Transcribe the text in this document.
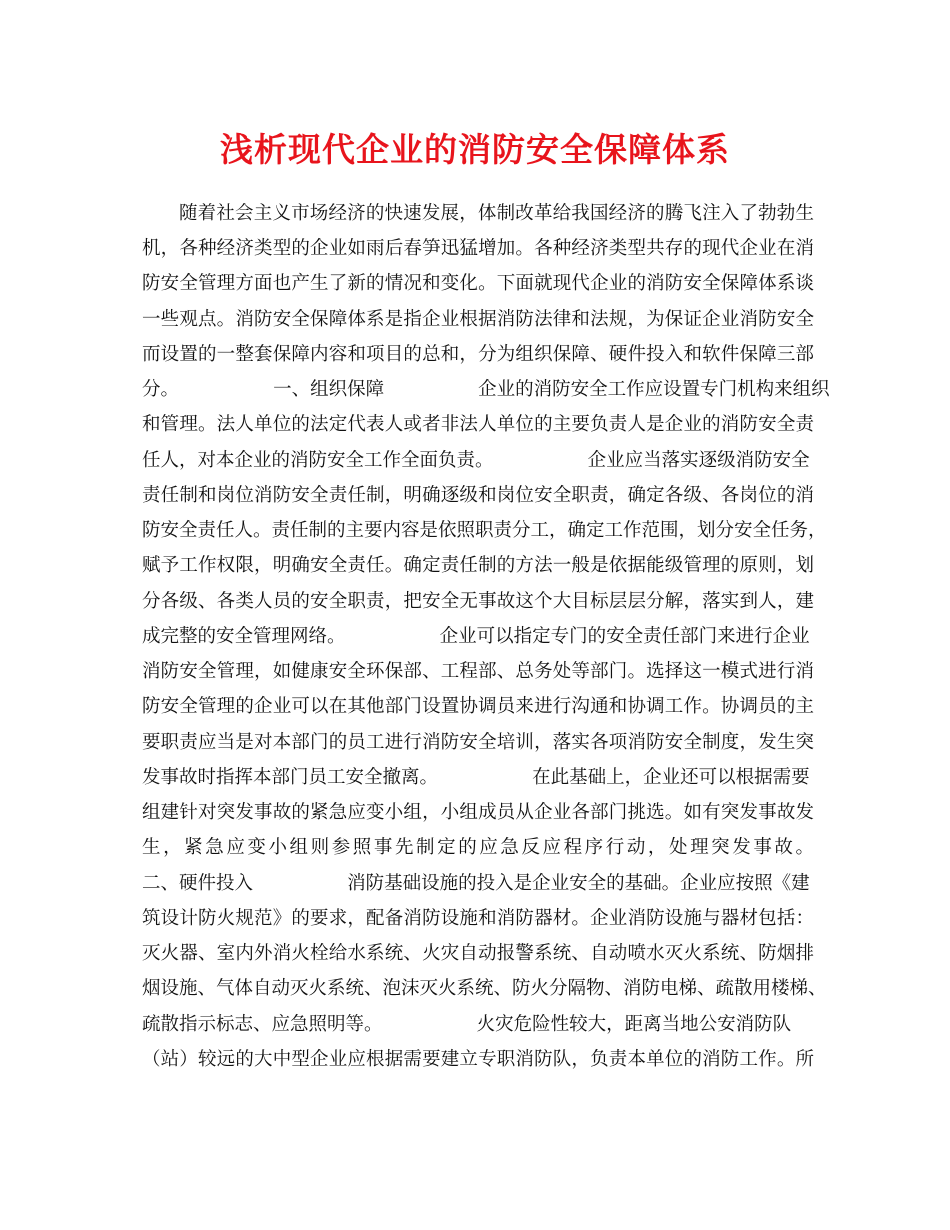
浅析现代企业的消防安全保障体系
随着社会主义市场经济的快速发展，体制改革给我国经济的腾飞注入了勃勃生
机，各种经济类型的企业如雨后春笋迅猛增加。各种经济类型共存的现代企业在消
防安全管理方面也产生了新的情况和变化。下面就现代企业的消防安全保障体系谈
一些观点。消防安全保障体系是指企业根据消防法律和法规，为保证企业消防安全
而设置的一整套保障内容和项目的总和，分为组织保障、硬件投入和软件保障三部
分。                一、组织保障                企业的消防安全工作应设置专门机构来组织
和管理。法人单位的法定代表人或者非法人单位的主要负责人是企业的消防安全责
任人，对本企业的消防安全工作全面负责。                企业应当落实逐级消防安全
责任制和岗位消防安全责任制，明确逐级和岗位安全职责，确定各级、各岗位的消
防安全责任人。责任制的主要内容是依照职责分工，确定工作范围，划分安全任务，
赋予工作权限，明确安全责任。确定责任制的方法一般是依据能级管理的原则，划
分各级、各类人员的安全职责，把安全无事故这个大目标层层分解，落实到人，建
成完整的安全管理网络。                企业可以指定专门的安全责任部门来进行企业
消防安全管理，如健康安全环保部、工程部、总务处等部门。选择这一模式进行消
防安全管理的企业可以在其他部门设置协调员来进行沟通和协调工作。协调员的主
要职责应当是对本部门的员工进行消防安全培训，落实各项消防安全制度，发生突
发事故时指挥本部门员工安全撤离。                在此基础上，企业还可以根据需要
组建针对突发事故的紧急应变小组，小组成员从企业各部门挑选。如有突发事故发
生，紧急应变小组则参照事先制定的应急反应程序行动，处理突发事故。
二、硬件投入                消防基础设施的投入是企业安全的基础。企业应按照《建
筑设计防火规范》的要求，配备消防设施和消防器材。企业消防设施与器材包括：
灭火器、室内外消火栓给水系统、火灾自动报警系统、自动喷水灭火系统、防烟排
烟设施、气体自动灭火系统、泡沫灭火系统、防火分隔物、消防电梯、疏散用楼梯、
疏散指示标志、应急照明等。                火灾危险性较大，距离当地公安消防队
（站）较远的大中型企业应根据需要建立专职消防队，负责本单位的消防工作。所
